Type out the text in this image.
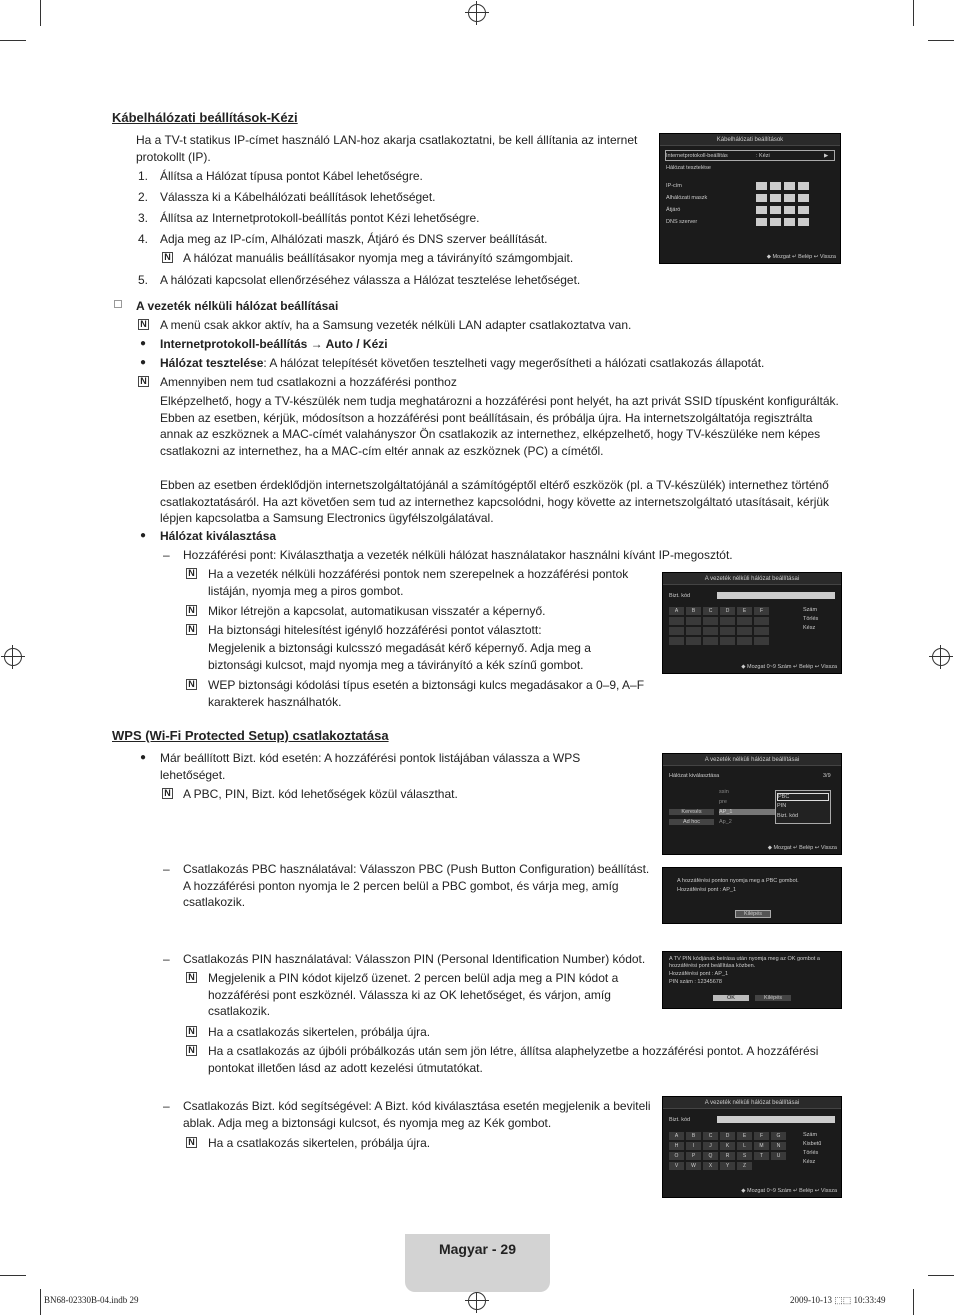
Kábelhálózati beállítások-Kézi
Ha a TV-t statikus IP-címet használó LAN-hoz akarja csatlakoztatni, be kell állítania az internet protokollt (IP).
1. Állítsa a Hálózat típusa pontot Kábel lehetőségre.
2. Válassza ki a Kábelhálózati beállítások lehetőséget.
3. Állítsa az Internetprotokoll-beállítás pontot Kézi lehetőségre.
4. Adja meg az IP-cím, Alhálózati maszk, Átjáró és DNS szerver beállítását.
N A hálózat manuális beállításakor nyomja meg a távirányító számgombjait.
5. A hálózati kapcsolat ellenőrzéséhez válassza a Hálózat tesztelése lehetőséget.
Kábelhálózati beállítások
Internetprotokoll-beállítás	: Kézi	▶
Hálózat tesztelése
IP-cím
Alhálózati maszk
Átjáró
DNS szerver
◆ Mozgat ↵ Belép ↩ Vissza
A vezeték nélküli hálózat beállításai
N A menü csak akkor aktív, ha a Samsung vezeték nélküli LAN adapter csatlakoztatva van.
● Internetprotokoll-beállítás → Auto / Kézi
● Hálózat tesztelése: A hálózat telepítését követően tesztelheti vagy megerősítheti a hálózati csatlakozás állapotát.
N Amennyiben nem tud csatlakozni a hozzáférési ponthoz
Elképzelhető, hogy a TV-készülék nem tudja meghatározni a hozzáférési pont helyét, ha azt privát SSID típusként konfigurálták. Ebben az esetben, kérjük, módosítson a hozzáférési pont beállításain, és próbálja újra. Ha internetszolgáltatója regisztrálta annak az eszköznek a MAC-címét valahányszor Ön csatlakozik az internethez, elképzelhető, hogy TV-készüléke nem képes csatlakozni az internethez, ha a MAC-cím eltér annak az eszköznek (PC) a címétől.
Ebben az esetben érdeklődjön internetszolgáltatójánál a számítógéptől eltérő eszközök (pl. a TV-készülék) internethez történő csatlakoztatásáról. Ha azt követően sem tud az internethez kapcsolódni, hogy követte az internetszolgáltató utasításait, kérjük lépjen kapcsolatba a Samsung Electronics ügyfélszolgálatával.
● Hálózat kiválasztása
– Hozzáférési pont: Kiválaszthatja a vezeték nélküli hálózat használatakor használni kívánt IP-megosztót.
N Ha a vezeték nélküli hozzáférési pontok nem szerepelnek a hozzáférési pontok listáján, nyomja meg a piros gombot.
N Mikor létrejön a kapcsolat, automatikusan visszatér a képernyő.
N Ha biztonsági hitelesítést igénylő hozzáférési pontot választott:
Megjelenik a biztonsági kulcsszó megadását kérő képernyő. Adja meg a biztonsági kulcsot, majd nyomja meg a távirányító a kék színű gombot.
N WEP biztonsági kódolási típus esetén a biztonsági kulcs megadásakor a 0–9, A–F karakterek használhatók.
A vezeték nélküli hálózat beállításai
Bizt. kód
A	B	C	D	E	F	Szám
Törlés
Kész
◆ Mozgat 0~9 Szám ↵ Belép ↩ Vissza
WPS (Wi-Fi Protected Setup) csatlakoztatása
● Már beállított Bizt. kód esetén: A hozzáférési pontok listájában válassza a WPS lehetőséget.
N A PBC, PIN, Bizt. kód lehetőségek közül választhat.
A vezeték nélküli hálózat beállításai
Hálózat kiválasztása	3/9
Keresés
Ad hoc
ssin
pre
AP_1
Ap_2
PBC
PIN
Bizt. kód
◆ Mozgat ↵ Belép ↩ Vissza
– Csatlakozás PBC használatával: Válasszon PBC (Push Button Configuration) beállítást. A hozzáférési ponton nyomja le 2 percen belül a PBC gombot, és várja meg, amíg csatlakozik.
A hozzáférési ponton nyomja meg a PBC gombot.
Hozzáférési pont : AP_1
Kilépés
– Csatlakozás PIN használatával: Válasszon PIN (Personal Identification Number) kódot.
N Megjelenik a PIN kódot kijelző üzenet. 2 percen belül adja meg a PIN kódot a hozzáférési pont eszköznél. Válassza ki az OK lehetőséget, és várjon, amíg csatlakozik.
N Ha a csatlakozás sikertelen, próbálja újra.
N Ha a csatlakozás az újbóli próbálkozás után sem jön létre, állítsa alaphelyzetbe a hozzáférési pontot. A hozzáférési pontokat illetően lásd az adott kezelési útmutatókat.
A TV PIN kódjának beírása után nyomja meg az OK gombot a hozzáférési pont beállítása közben.
Hozzáférési pont : AP_1
PIN szám : 12345678
OK	Kilépés
– Csatlakozás Bizt. kód segítségével: A Bizt. kód kiválasztása esetén megjelenik a beviteli ablak. Adja meg a biztonsági kulcsot, és nyomja meg az Kék gombot.
N Ha a csatlakozás sikertelen, próbálja újra.
A vezeték nélküli hálózat beállításai
Bizt. kód
A	B	C	D	E	F	G
H	I	J	K	L	M	N
O	P	Q	R	S	T	U
V	W	X	Y	Z
Szám
Kisbetű
Törlés
Kész
◆ Mozgat 0~9 Szám ↵ Belép ↩ Vissza
Magyar - 29
BN68-02330B-04.indb 29	2009-10-13 ⬚⬚ 10:33:49
